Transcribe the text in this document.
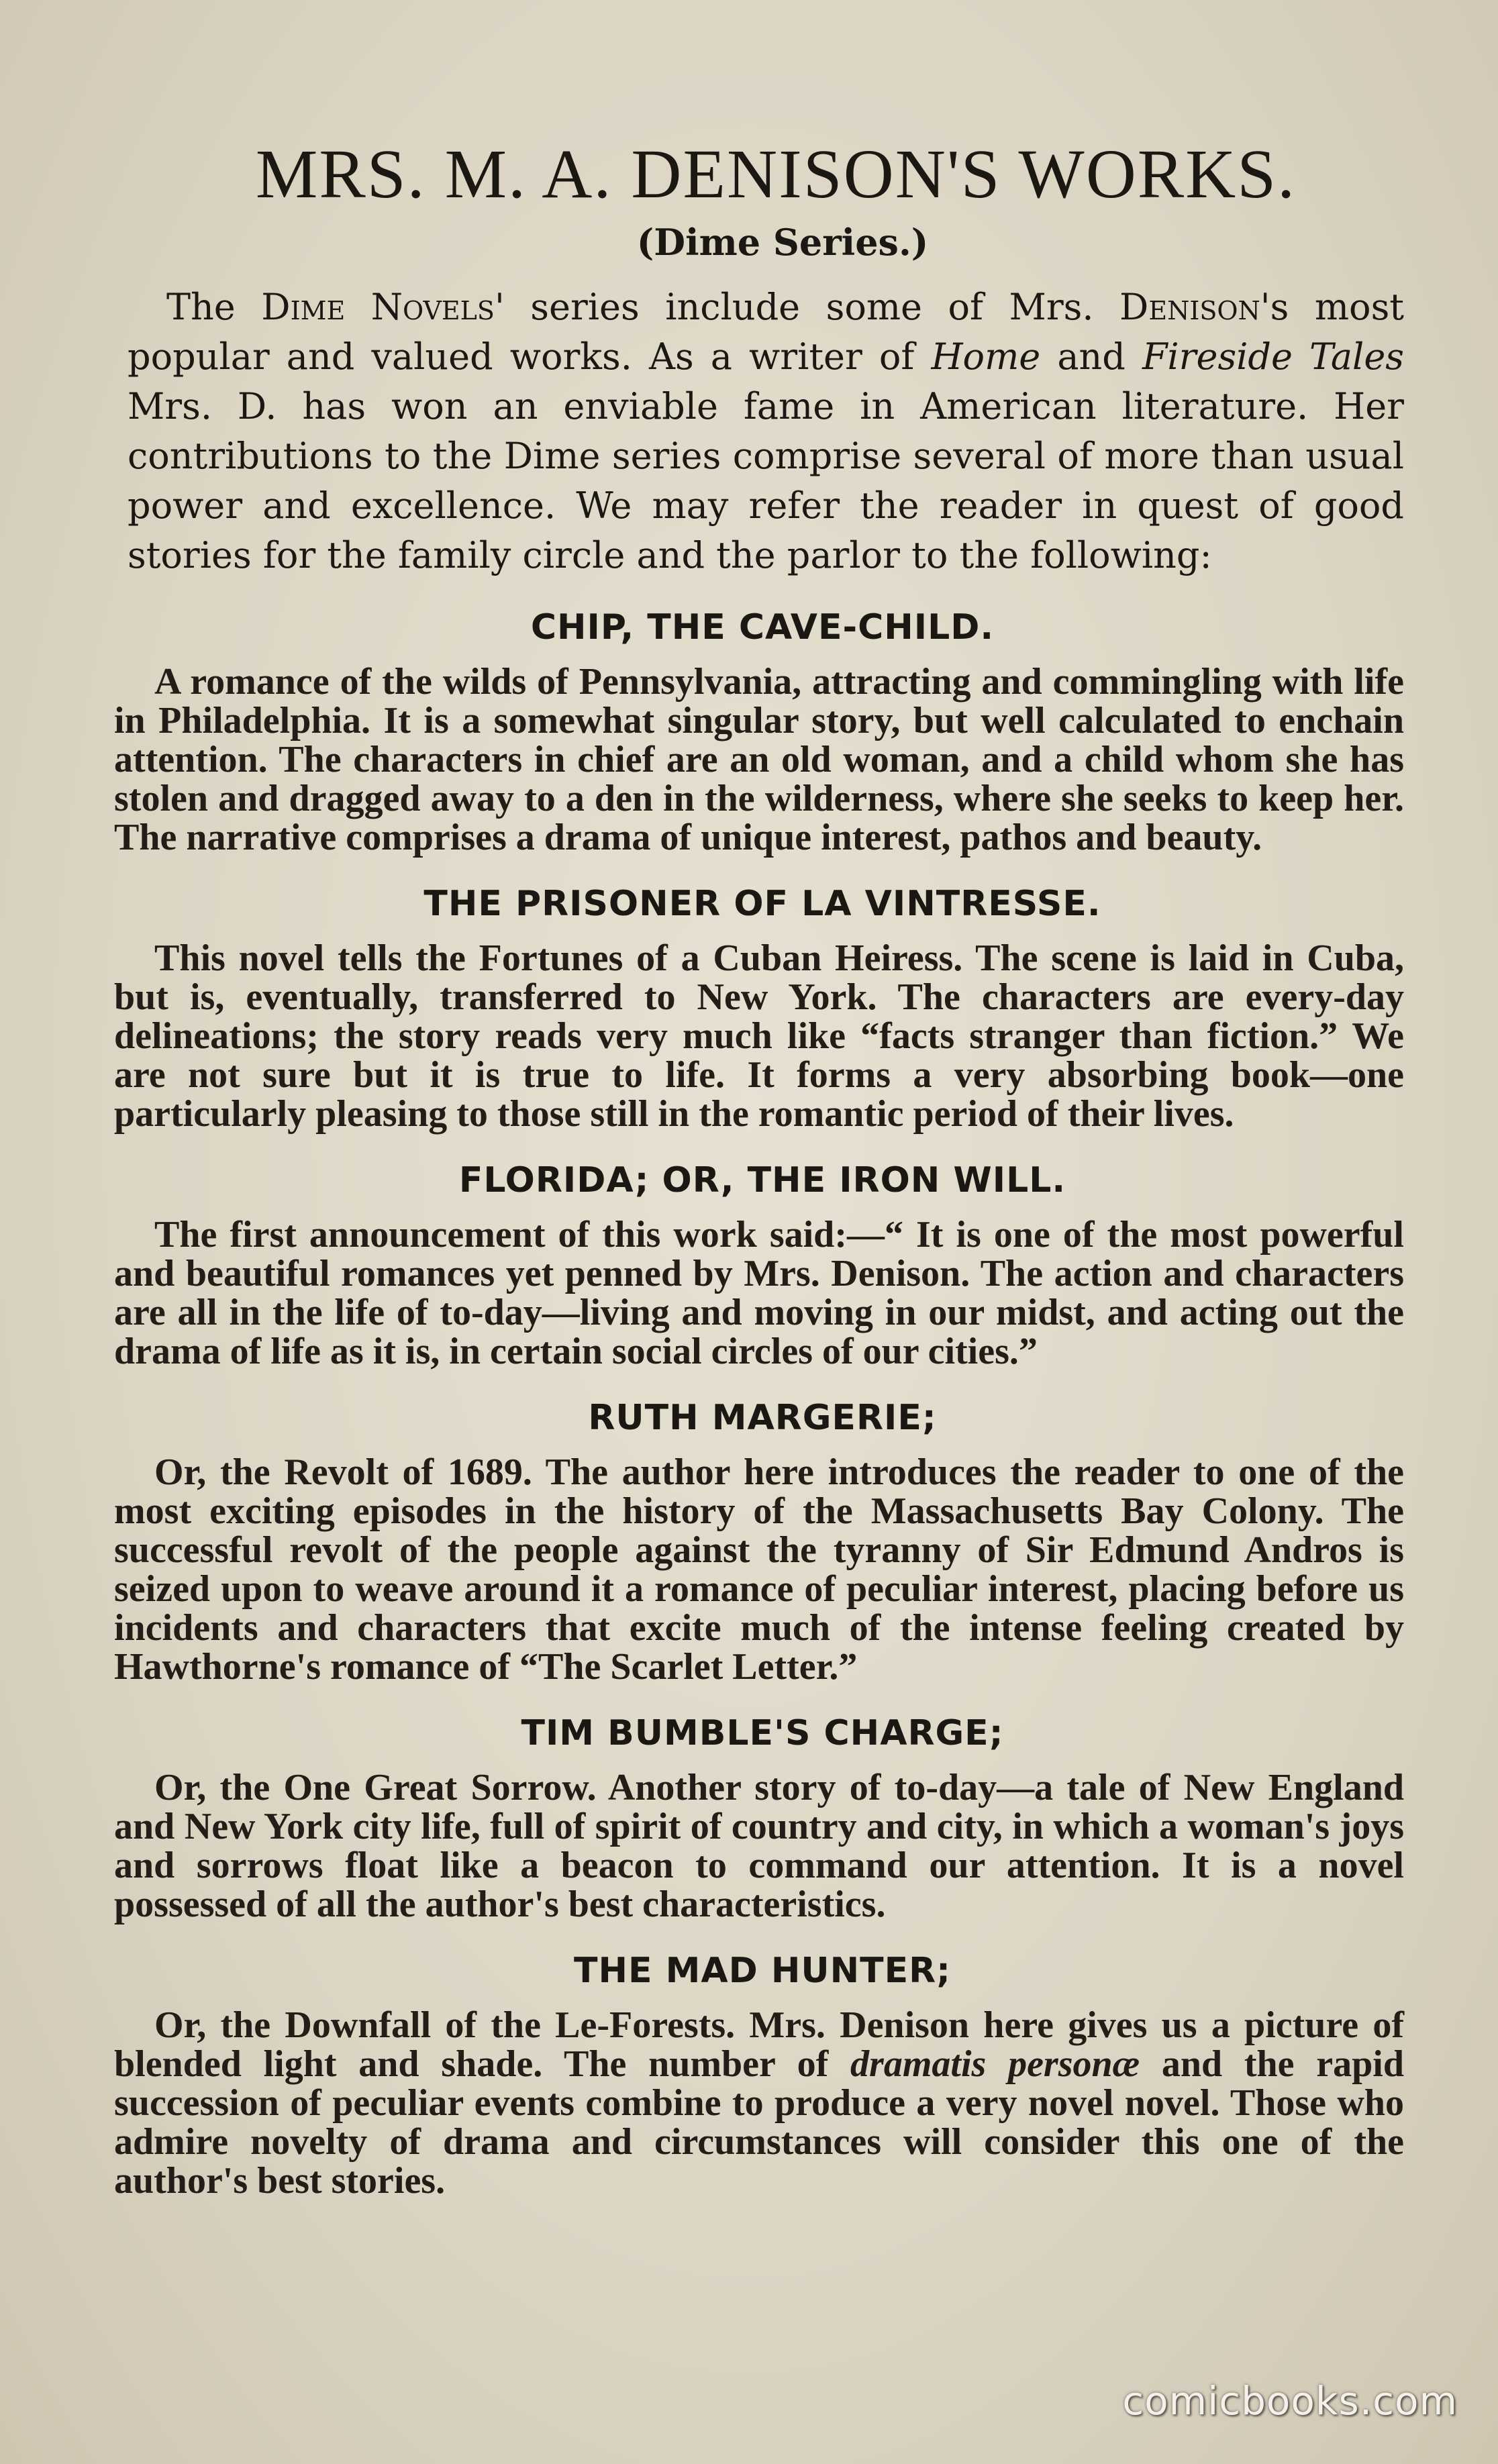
MRS. M. A. DENISON'S WORKS.
(Dime Series.)

The Dime Novels' series include some of Mrs. Denison's most popular and valued works. As a writer of Home and Fireside Tales Mrs. D. has won an enviable fame in American literature. Her contributions to the Dime series comprise several of more than usual power and excellence. We may refer the reader in quest of good stories for the family circle and the parlor to the following:

CHIP, THE CAVE-CHILD.

A romance of the wilds of Pennsylvania, attracting and commingling with life in Philadelphia. It is a somewhat singular story, but well calculated to enchain attention. The characters in chief are an old woman, and a child whom she has stolen and dragged away to a den in the wilderness, where she seeks to keep her. The narrative comprises a drama of unique interest, pathos and beauty.

THE PRISONER OF LA VINTRESSE.

This novel tells the Fortunes of a Cuban Heiress. The scene is laid in Cuba, but is, eventually, transferred to New York. The characters are every-day delineations; the story reads very much like “facts stranger than fiction.” We are not sure but it is true to life. It forms a very absorbing book—one particularly pleasing to those still in the romantic period of their lives.

FLORIDA; OR, THE IRON WILL.

The first announcement of this work said:—“ It is one of the most powerful and beautiful romances yet penned by Mrs. Denison. The action and characters are all in the life of to-day—living and moving in our midst, and acting out the drama of life as it is, in certain social circles of our cities.”

RUTH MARGERIE;

Or, the Revolt of 1689. The author here introduces the reader to one of the most exciting episodes in the history of the Massachusetts Bay Colony. The successful revolt of the people against the tyranny of Sir Edmund Andros is seized upon to weave around it a romance of peculiar interest, placing before us incidents and characters that excite much of the intense feeling created by Hawthorne's romance of “The Scarlet Letter.”

TIM BUMBLE'S CHARGE;

Or, the One Great Sorrow. Another story of to-day—a tale of New England and New York city life, full of spirit of country and city, in which a woman's joys and sorrows float like a beacon to command our attention. It is a novel possessed of all the author's best characteristics.

THE MAD HUNTER;

Or, the Downfall of the Le-Forests. Mrs. Denison here gives us a picture of blended light and shade. The number of dramatis personæ and the rapid succession of peculiar events combine to produce a very novel novel. Those who admire novelty of drama and circumstances will consider this one of the author's best stories.

comicbooks.com
